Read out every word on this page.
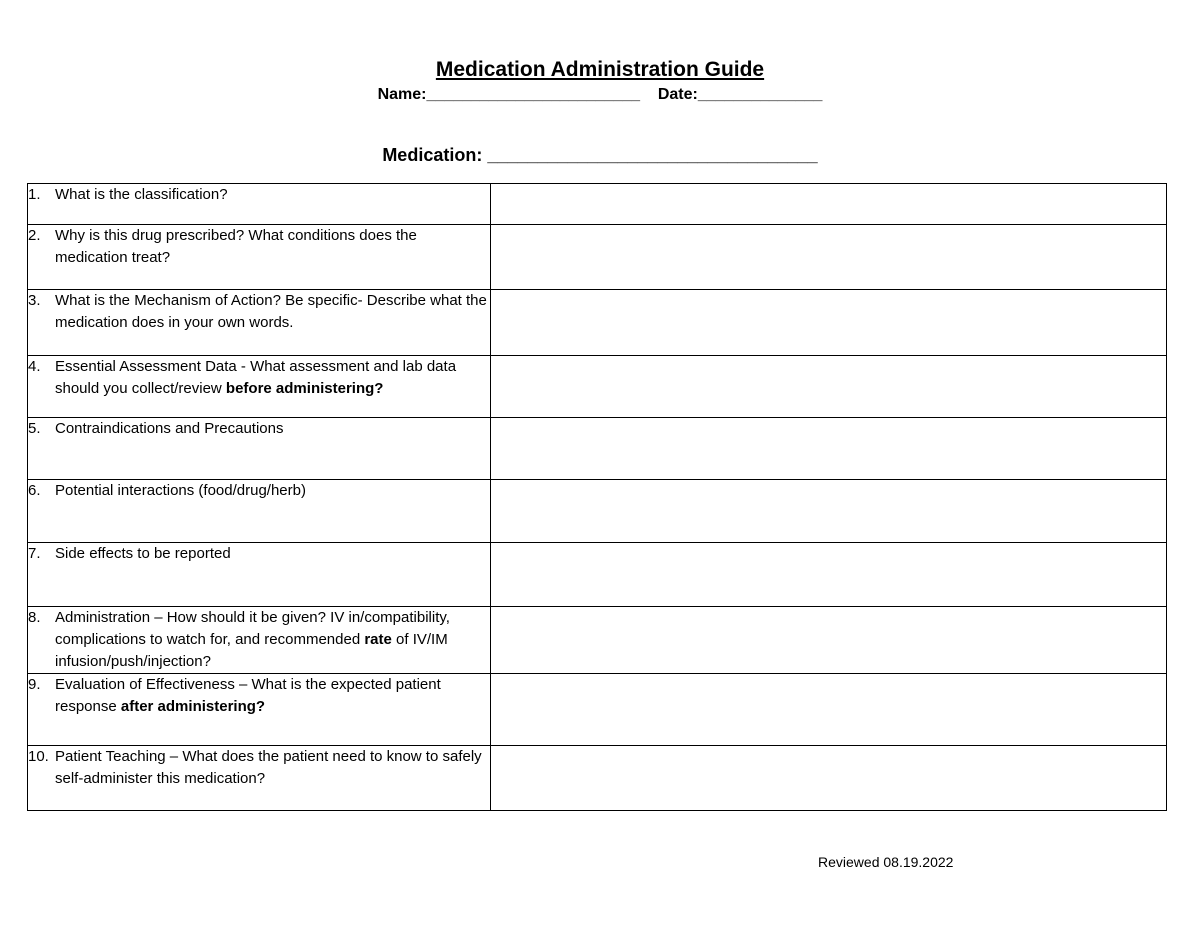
Medication Administration Guide
Name:________________________    Date:______________
Medication: _________________________________
1. What is the classification?	

2. Why is this drug prescribed? What conditions does the medication treat?	

3. What is the Mechanism of Action? Be specific- Describe what the medication does in your own words.	

4. Essential Assessment Data - What assessment and lab data should you collect/review before administering?	

5. Contraindications and Precautions	

6. Potential interactions (food/drug/herb)	

7. Side effects to be reported	

8. Administration – How should it be given? IV in/compatibility, complications to watch for, and recommended rate of IV/IM infusion/push/injection?	

9. Evaluation of Effectiveness – What is the expected patient response after administering?	

10. Patient Teaching – What does the patient need to know to safely self-administer this medication?	

Reviewed 08.19.2022
